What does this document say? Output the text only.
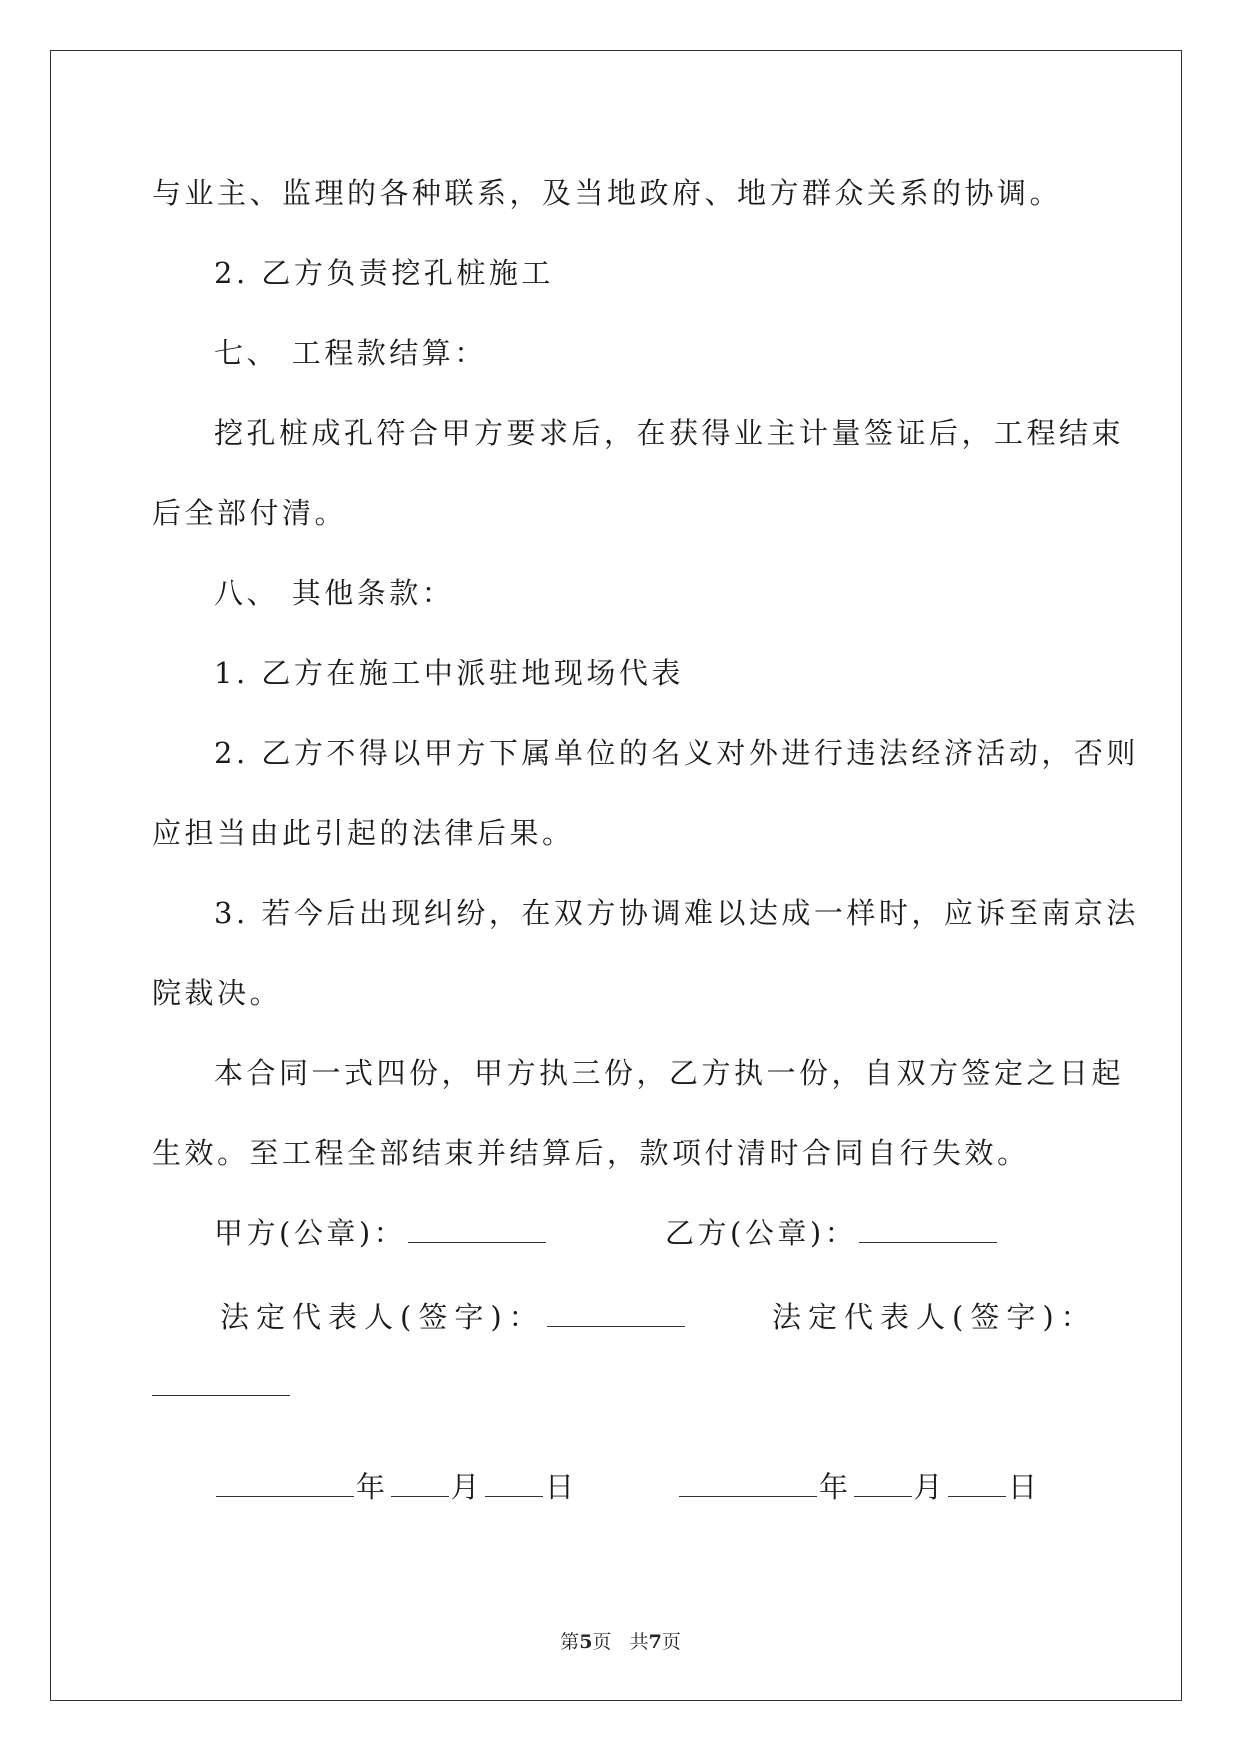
与业主、监理的各种联系，及当地政府、地方群众关系的协调。
2. 乙方负责挖孔桩施工
七、 工程款结算：
挖孔桩成孔符合甲方要求后，在获得业主计量签证后，工程结束
后全部付清。
八、 其他条款：
1. 乙方在施工中派驻地现场代表
2. 乙方不得以甲方下属单位的名义对外进行违法经济活动，否则
应担当由此引起的法律后果。
3. 若今后出现纠纷，在双方协调难以达成一样时，应诉至南京法
院裁决。
本合同一式四份，甲方执三份，乙方执一份，自双方签定之日起
生效。至工程全部结束并结算后，款项付清时合同自行失效。
甲方(公章)：	乙方(公章)：
法定代表人(签字)：	法定代表人(签字)：
年 月 日	年 月 日
第5页 共7页
